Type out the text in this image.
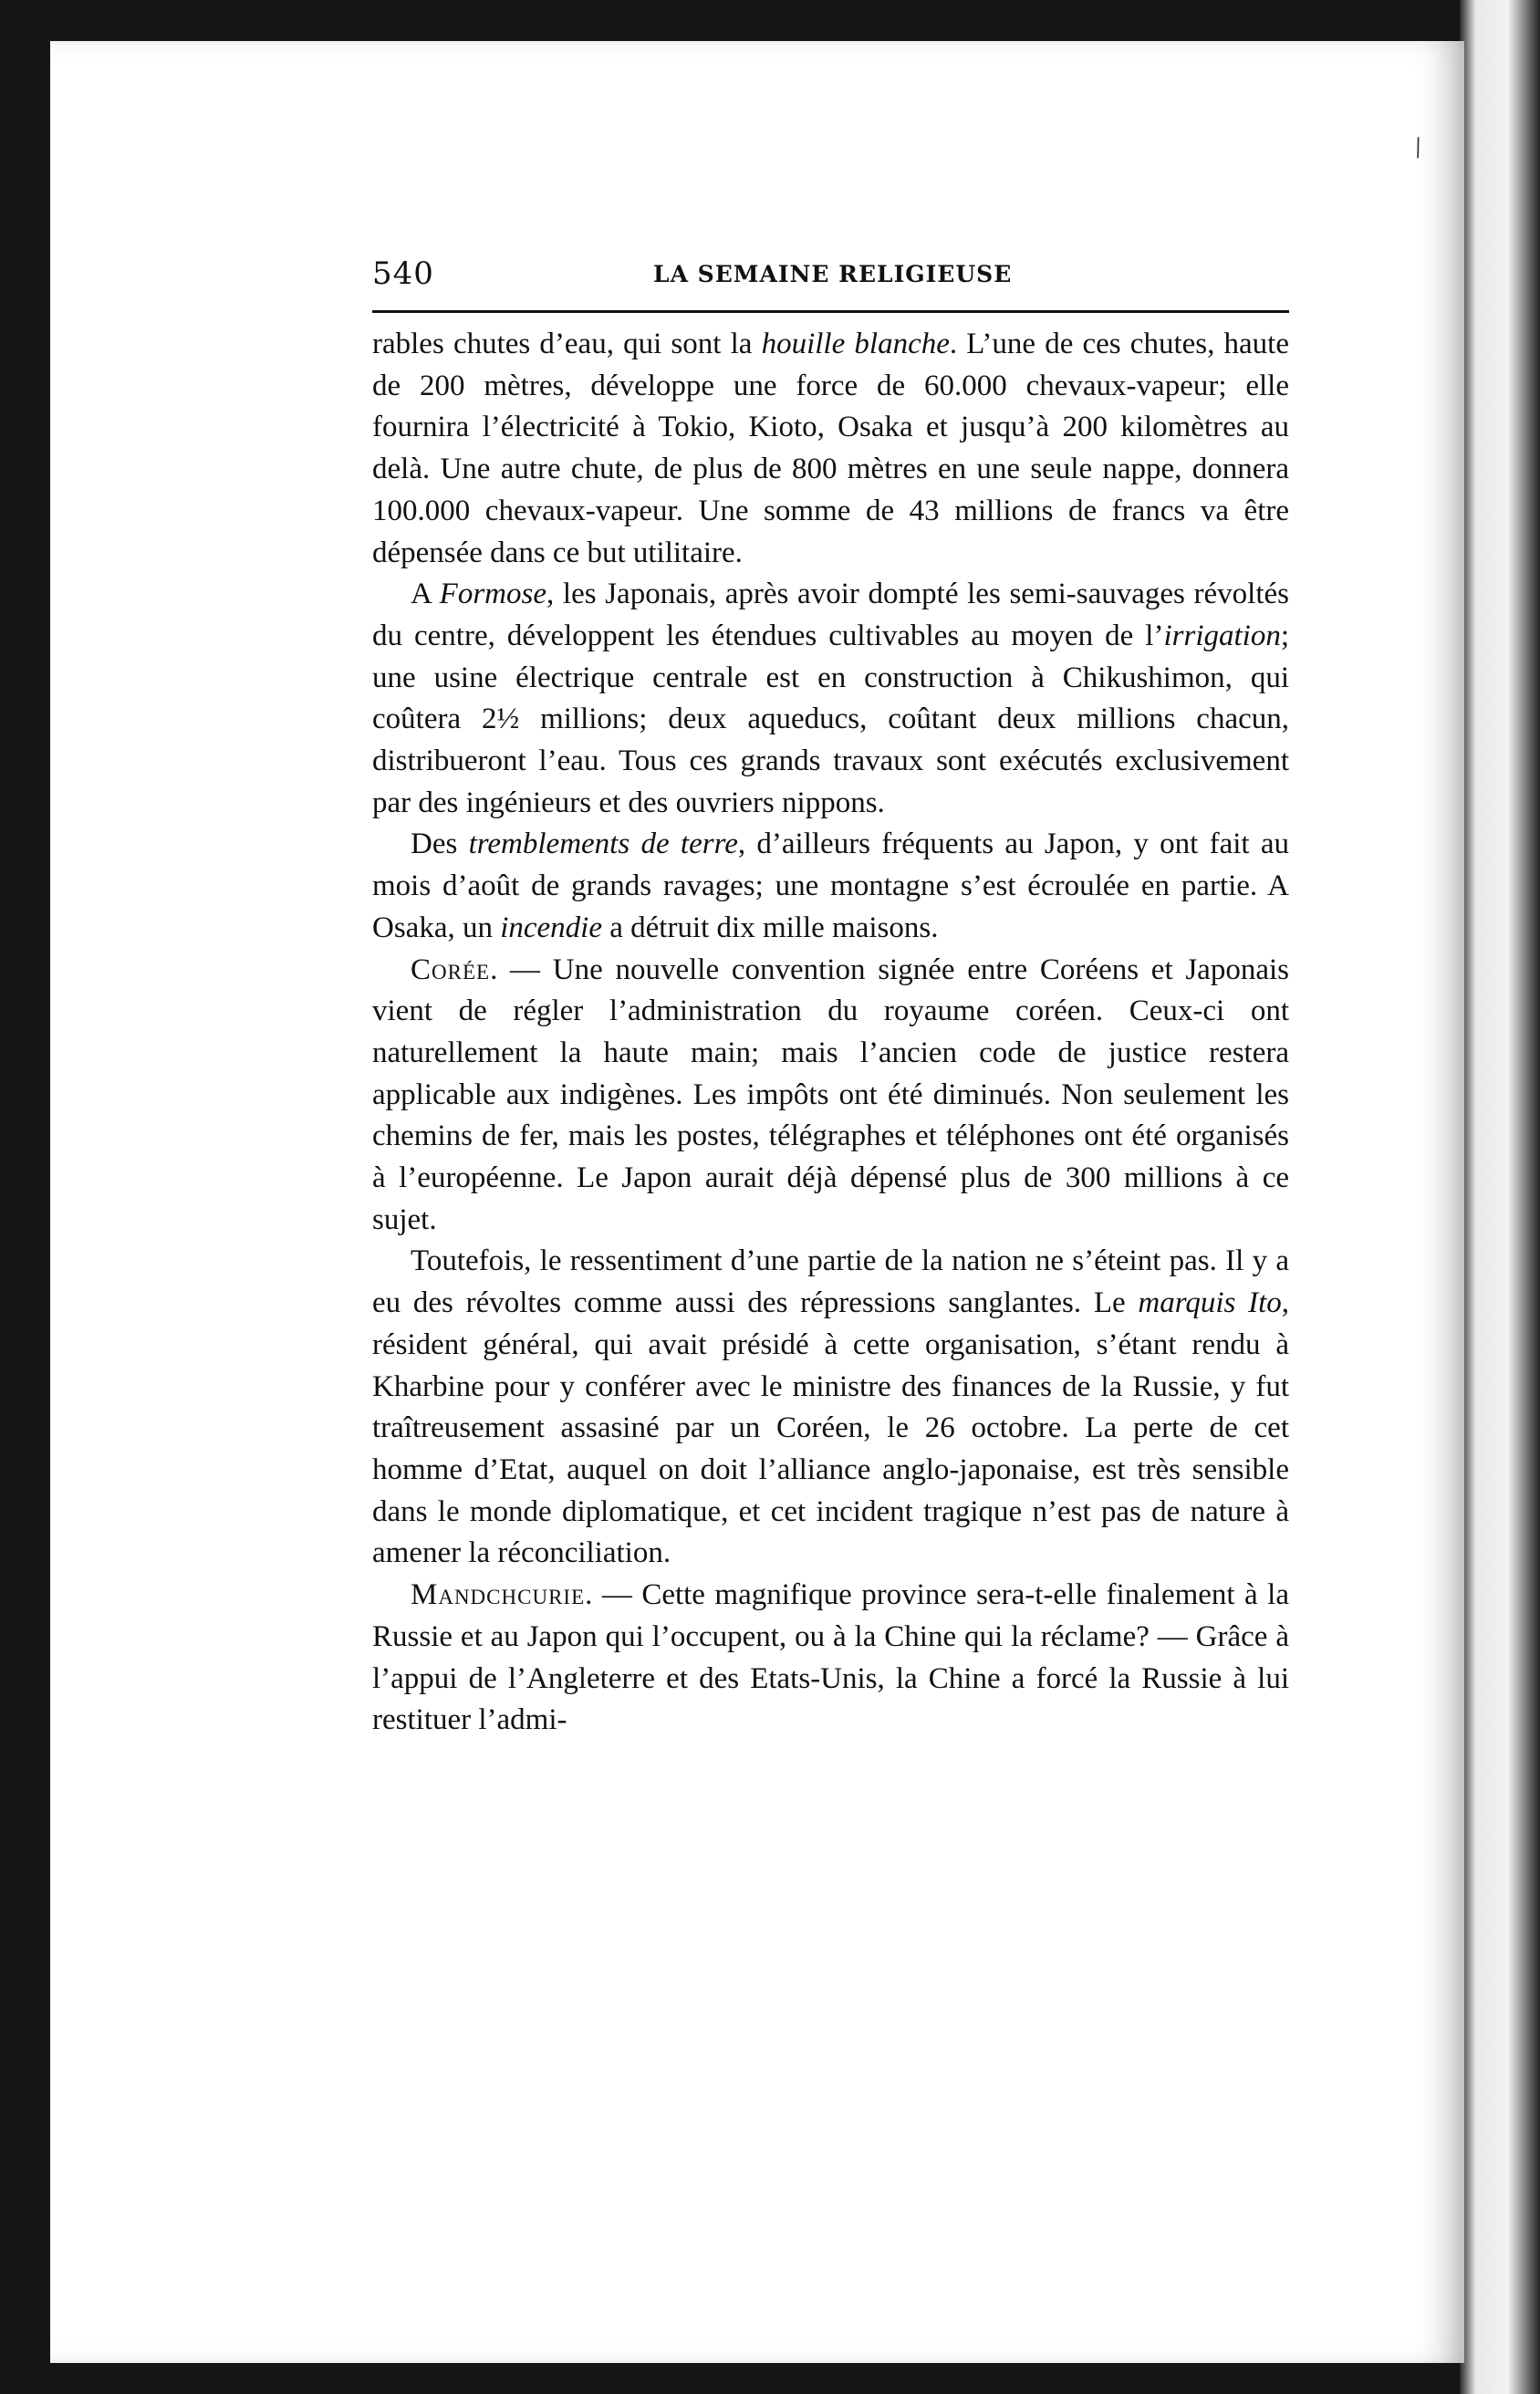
540	LA SEMAINE RELIGIEUSE

rables chutes d’eau, qui sont la houille blanche. L’une de ces chutes, haute de 200 mètres, développe une force de 60.000 chevaux-vapeur; elle fournira l’électricité à Tokio, Kioto, Osaka et jusqu’à 200 kilomètres au delà. Une autre chute, de plus de 800 mètres en une seule nappe, donnera 100.000 chevaux-vapeur. Une somme de 43 millions de francs va être dépensée dans ce but utilitaire.

A Formose, les Japonais, après avoir dompté les semi-sauvages révoltés du centre, développent les étendues cultivables au moyen de l’irrigation; une usine électrique centrale est en construction à Chikushimon, qui coûtera 2½ millions; deux aqueducs, coûtant deux millions chacun, distribueront l’eau. Tous ces grands travaux sont exécutés exclusivement par des ingénieurs et des ouvriers nippons.

Des tremblements de terre, d’ailleurs fréquents au Japon, y ont fait au mois d’août de grands ravages; une montagne s’est écroulée en partie. A Osaka, un incendie a détruit dix mille maisons.

Corée. — Une nouvelle convention signée entre Coréens et Japonais vient de régler l’administration du royaume coréen. Ceux-ci ont naturellement la haute main; mais l’ancien code de justice restera applicable aux indigènes. Les impôts ont été diminués. Non seulement les chemins de fer, mais les postes, télégraphes et téléphones ont été organisés à l’européenne. Le Japon aurait déjà dépensé plus de 300 millions à ce sujet.

Toutefois, le ressentiment d’une partie de la nation ne s’éteint pas. Il y a eu des révoltes comme aussi des répressions sanglantes. Le marquis Ito, résident général, qui avait présidé à cette organisation, s’étant rendu à Kharbine pour y conférer avec le ministre des finances de la Russie, y fut traîtreusement assasiné par un Coréen, le 26 octobre. La perte de cet homme d’Etat, auquel on doit l’alliance anglo-japonaise, est très sensible dans le monde diplomatique, et cet incident tragique n’est pas de nature à amener la réconciliation.

Mandchcurie. — Cette magnifique province sera-t-elle finalement à la Russie et au Japon qui l’occupent, ou à la Chine qui la réclame? — Grâce à l’appui de l’Angleterre et des Etats-Unis, la Chine a forcé la Russie à lui restituer l’admi-

⁄
